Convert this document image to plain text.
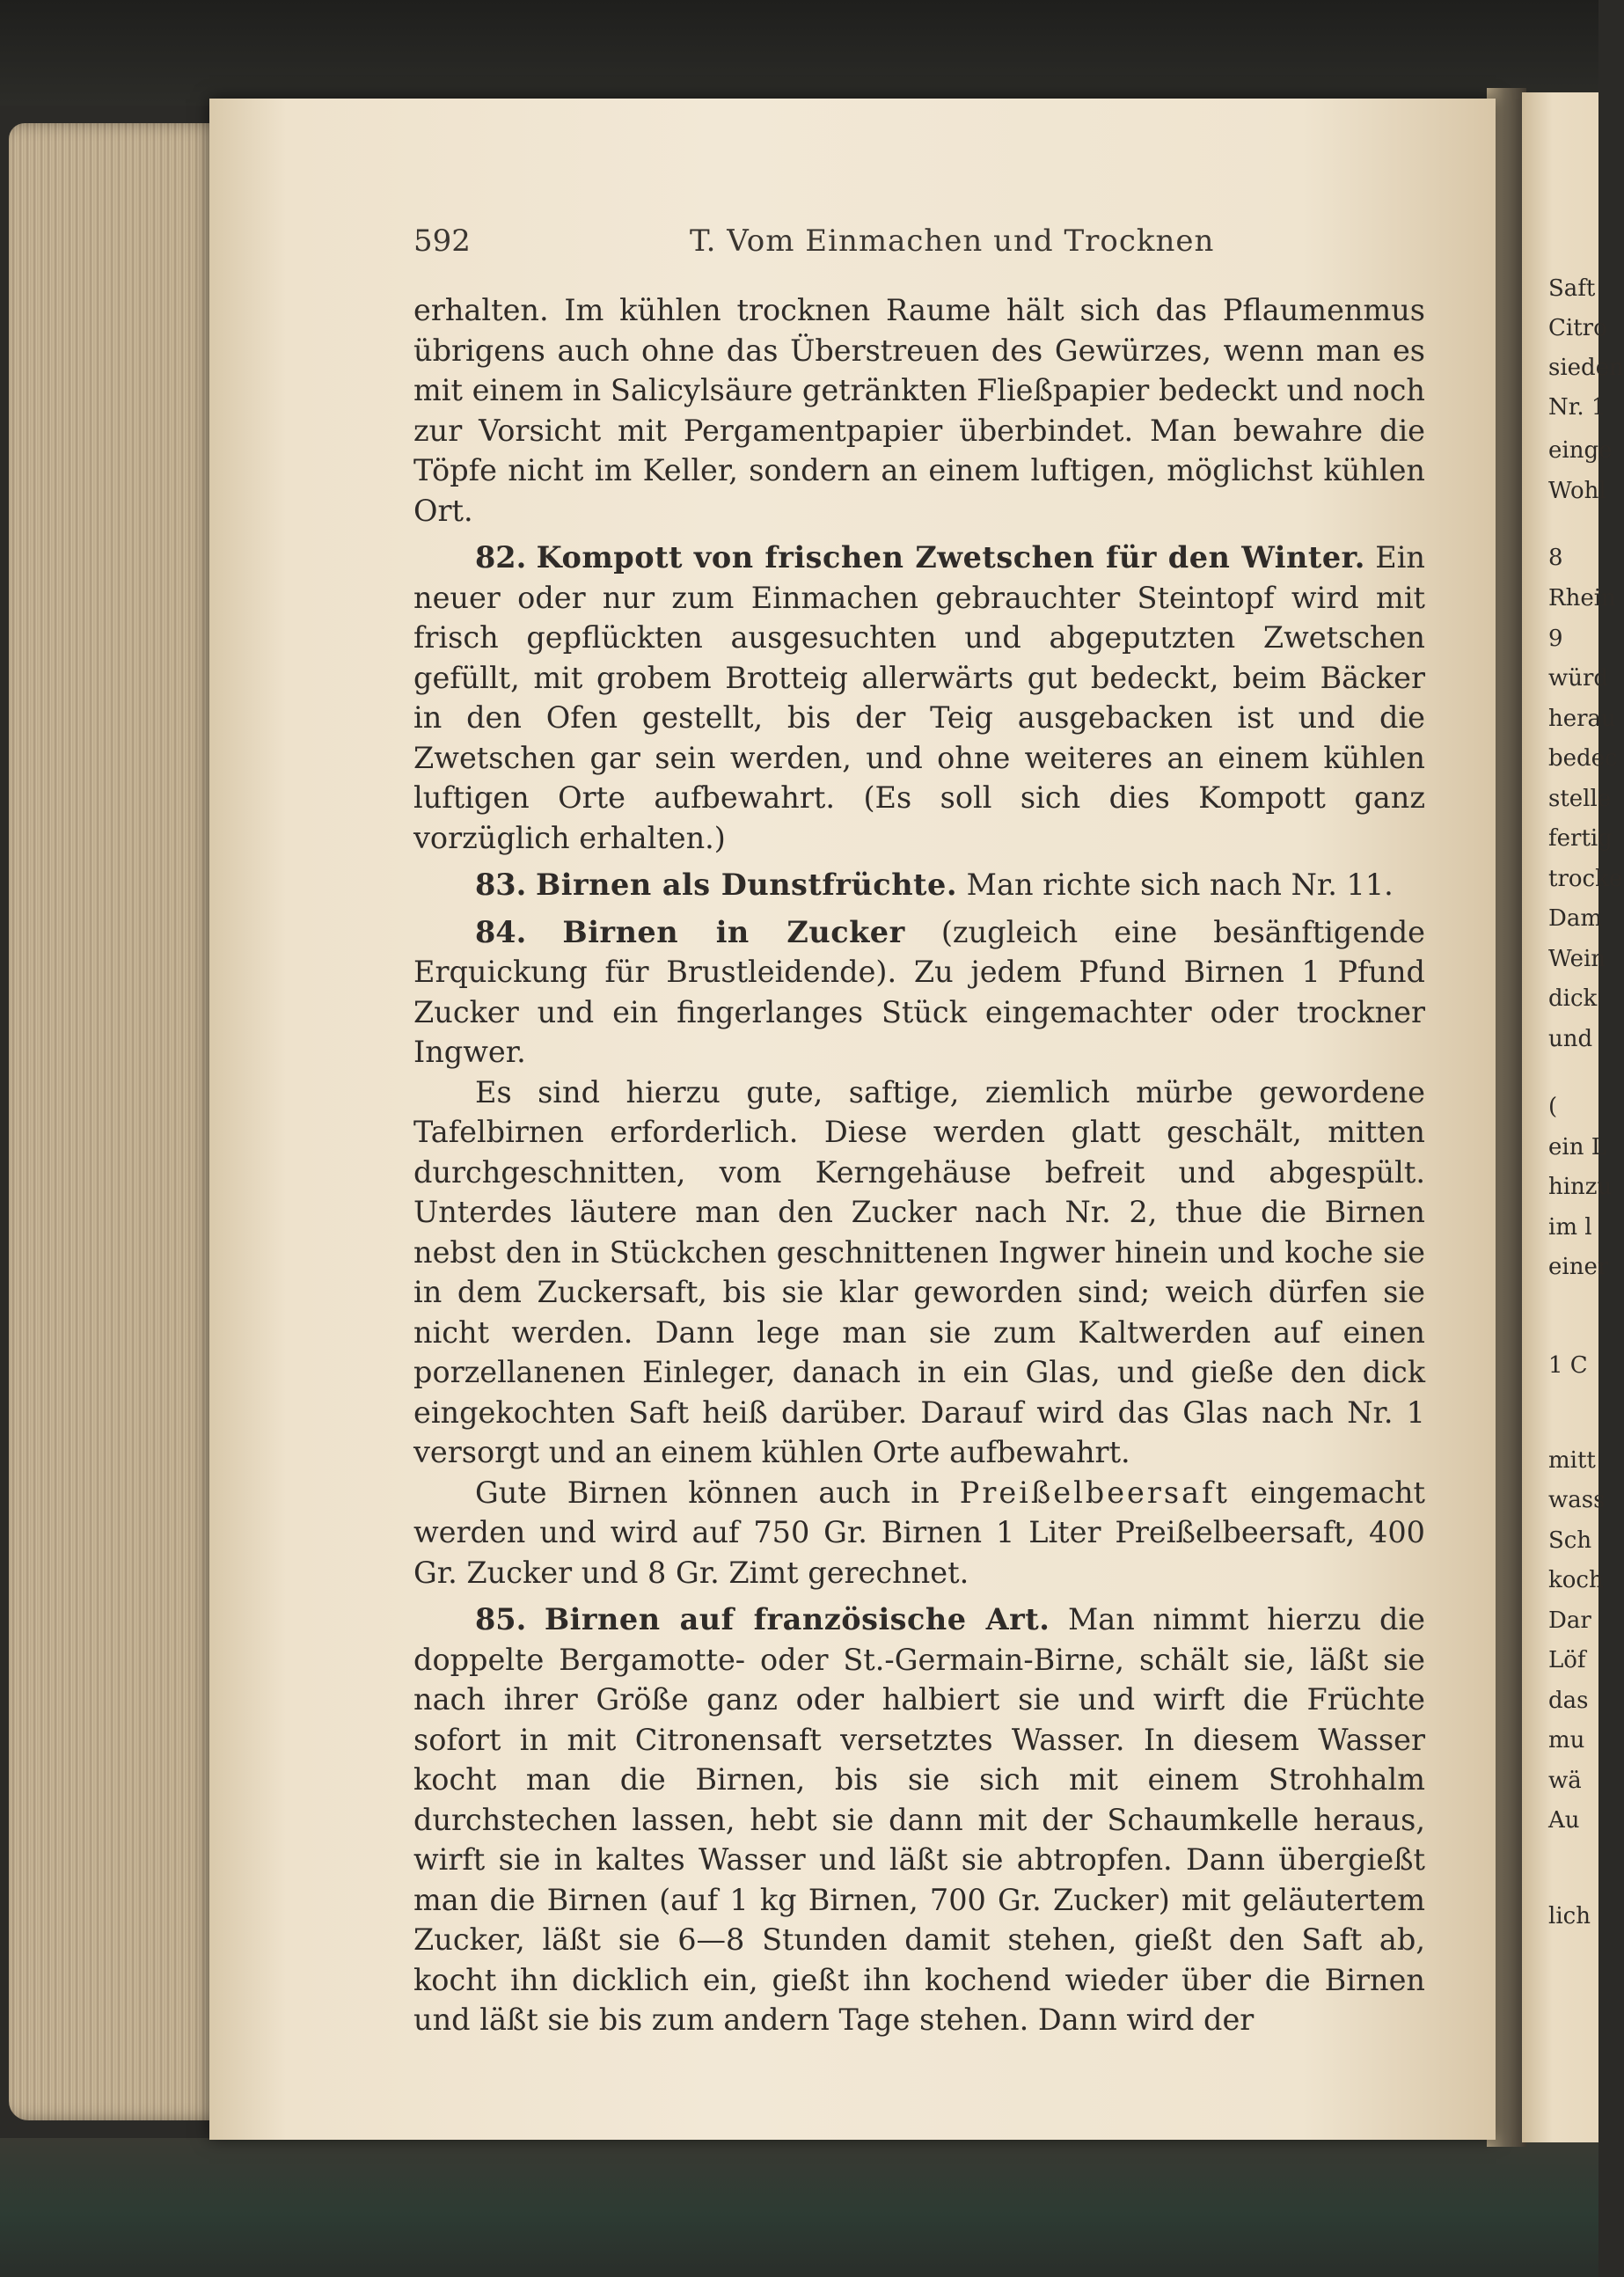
Saft
Citro
sieden
Nr. 1
einge
Wohl
8
Rhein
9
würd
herau
bedec
stelle
fertig
trocke
Dam
Wein
dick
und
(
ein L
hinzu
im l
einer
1 C
mitt
wass
Sch
koch
Dar
Löf
das
mu
wä
Au
lich
592	T. Vom Einmachen und Trocknen

erhalten. Im kühlen trocknen Raume hält sich das Pflaumenmus übrigens auch ohne das Überstreuen des Gewürzes, wenn man es mit einem in Salicylsäure getränkten Fließpapier bedeckt und noch zur Vorsicht mit Pergamentpapier überbindet. Man bewahre die Töpfe nicht im Keller, sondern an einem luftigen, möglichst kühlen Ort.

82. Kompott von frischen Zwetschen für den Winter. Ein neuer oder nur zum Einmachen gebrauchter Steintopf wird mit frisch gepflückten ausgesuchten und abgeputzten Zwetschen gefüllt, mit grobem Brotteig allerwärts gut bedeckt, beim Bäcker in den Ofen gestellt, bis der Teig ausgebacken ist und die Zwetschen gar sein werden, und ohne weiteres an einem kühlen luftigen Orte aufbewahrt. (Es soll sich dies Kompott ganz vorzüglich erhalten.)

83. Birnen als Dunstfrüchte. Man richte sich nach Nr. 11.

84. Birnen in Zucker (zugleich eine besänftigende Erquickung für Brustleidende). Zu jedem Pfund Birnen 1 Pfund Zucker und ein fingerlanges Stück eingemachter oder trockner Ingwer.

Es sind hierzu gute, saftige, ziemlich mürbe gewordene Tafelbirnen erforderlich. Diese werden glatt geschält, mitten durchgeschnitten, vom Kerngehäuse befreit und abgespült. Unterdes läutere man den Zucker nach Nr. 2, thue die Birnen nebst den in Stückchen geschnittenen Ingwer hinein und koche sie in dem Zuckersaft, bis sie klar geworden sind; weich dürfen sie nicht werden. Dann lege man sie zum Kaltwerden auf einen porzellanenen Einleger, danach in ein Glas, und gieße den dick eingekochten Saft heiß darüber. Darauf wird das Glas nach Nr. 1 versorgt und an einem kühlen Orte aufbewahrt.

Gute Birnen können auch in Preißelbeersaft eingemacht werden und wird auf 750 Gr. Birnen 1 Liter Preißelbeersaft, 400 Gr. Zucker und 8 Gr. Zimt gerechnet.

85. Birnen auf französische Art. Man nimmt hierzu die doppelte Bergamotte- oder St.-Germain-Birne, schält sie, läßt sie nach ihrer Größe ganz oder halbiert sie und wirft die Früchte sofort in mit Citronensaft versetztes Wasser. In diesem Wasser kocht man die Birnen, bis sie sich mit einem Strohhalm durchstechen lassen, hebt sie dann mit der Schaumkelle heraus, wirft sie in kaltes Wasser und läßt sie abtropfen. Dann übergießt man die Birnen (auf 1 kg Birnen, 700 Gr. Zucker) mit geläutertem Zucker, läßt sie 6—8 Stunden damit stehen, gießt den Saft ab, kocht ihn dicklich ein, gießt ihn kochend wieder über die Birnen und läßt sie bis zum andern Tage stehen. Dann wird der
